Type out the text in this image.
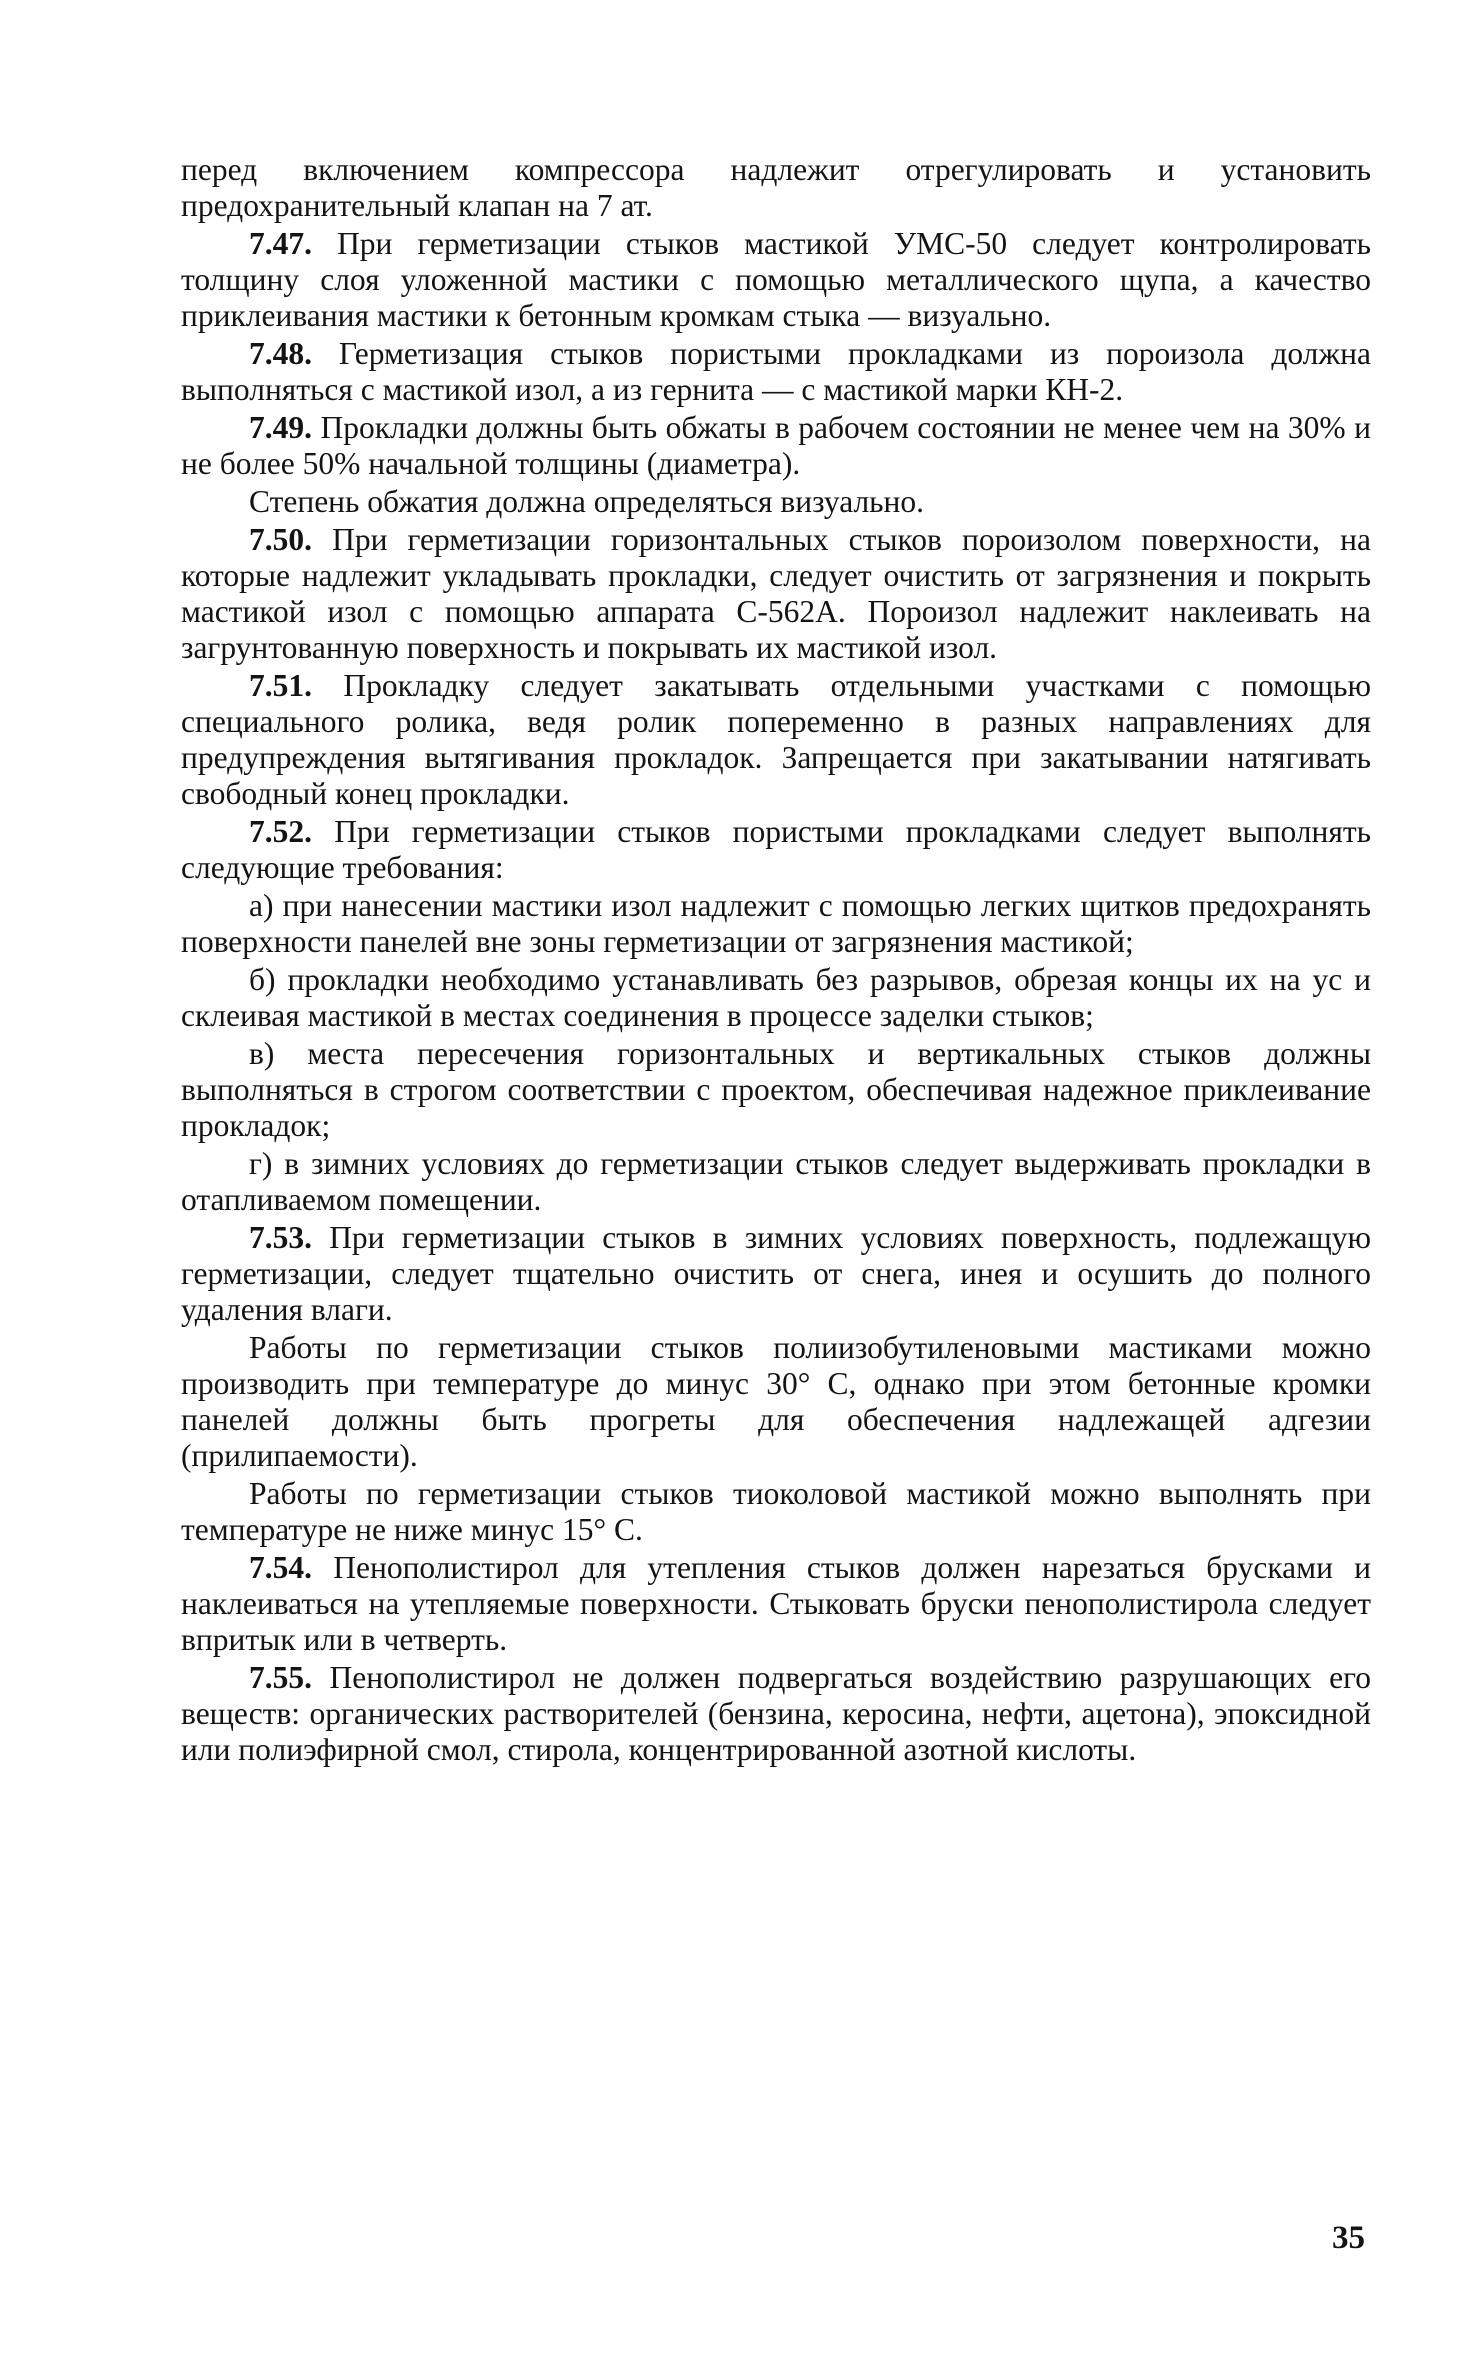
перед включением компрессора надлежит отрегулировать и установить предохранительный клапан на 7 ат.

7.47. При герметизации стыков мастикой УМС-50 следует контролировать толщину слоя уложенной мастики с помощью металлического щупа, а качество приклеивания мастики к бетонным кромкам стыка — визуально.

7.48. Герметизация стыков пористыми прокладками из пороизола должна выполняться с мастикой изол, а из гернита — с мастикой марки КН-2.

7.49. Прокладки должны быть обжаты в рабочем состоянии не менее чем на 30% и не более 50% начальной толщины (диаметра).

Степень обжатия должна определяться визуально.

7.50. При герметизации горизонтальных стыков пороизолом поверхности, на которые надлежит укладывать прокладки, следует очистить от загрязнения и покрыть мастикой изол с помощью аппарата С-562А. Пороизол надлежит наклеивать на загрунтованную поверхность и покрывать их мастикой изол.

7.51. Прокладку следует закатывать отдельными участками с помощью специального ролика, ведя ролик попеременно в разных направлениях для предупреждения вытягивания прокладок. Запрещается при закатывании натягивать свободный конец прокладки.

7.52. При герметизации стыков пористыми прокладками следует выполнять следующие требования:

а) при нанесении мастики изол надлежит с помощью легких щитков предохранять поверхности панелей вне зоны герметизации от загрязнения мастикой;

б) прокладки необходимо устанавливать без разрывов, обрезая концы их на ус и склеивая мастикой в местах соединения в процессе заделки стыков;

в) места пересечения горизонтальных и вертикальных стыков должны выполняться в строгом соответствии с проектом, обеспечивая надежное приклеивание прокладок;

г) в зимних условиях до герметизации стыков следует выдерживать прокладки в отапливаемом помещении.

7.53. При герметизации стыков в зимних условиях поверхность, подлежащую герметизации, следует тщательно очистить от снега, инея и осушить до полного удаления влаги.

Работы по герметизации стыков полиизобутиленовыми мастиками можно производить при температуре до минус 30° С, однако при этом бетонные кромки панелей должны быть прогреты для обеспечения надлежащей адгезии (прилипаемости).

Работы по герметизации стыков тиоколовой мастикой можно выполнять при температуре не ниже минус 15° С.

7.54. Пенополистирол для утепления стыков должен нарезаться брусками и наклеиваться на утепляемые поверхности. Стыковать бруски пенополистирола следует впритык или в четверть.

7.55. Пенополистирол не должен подвергаться воздействию разрушающих его веществ: органических растворителей (бензина, керосина, нефти, ацетона), эпоксидной или полиэфирной смол, стирола, концентрированной азотной кислоты.

35
